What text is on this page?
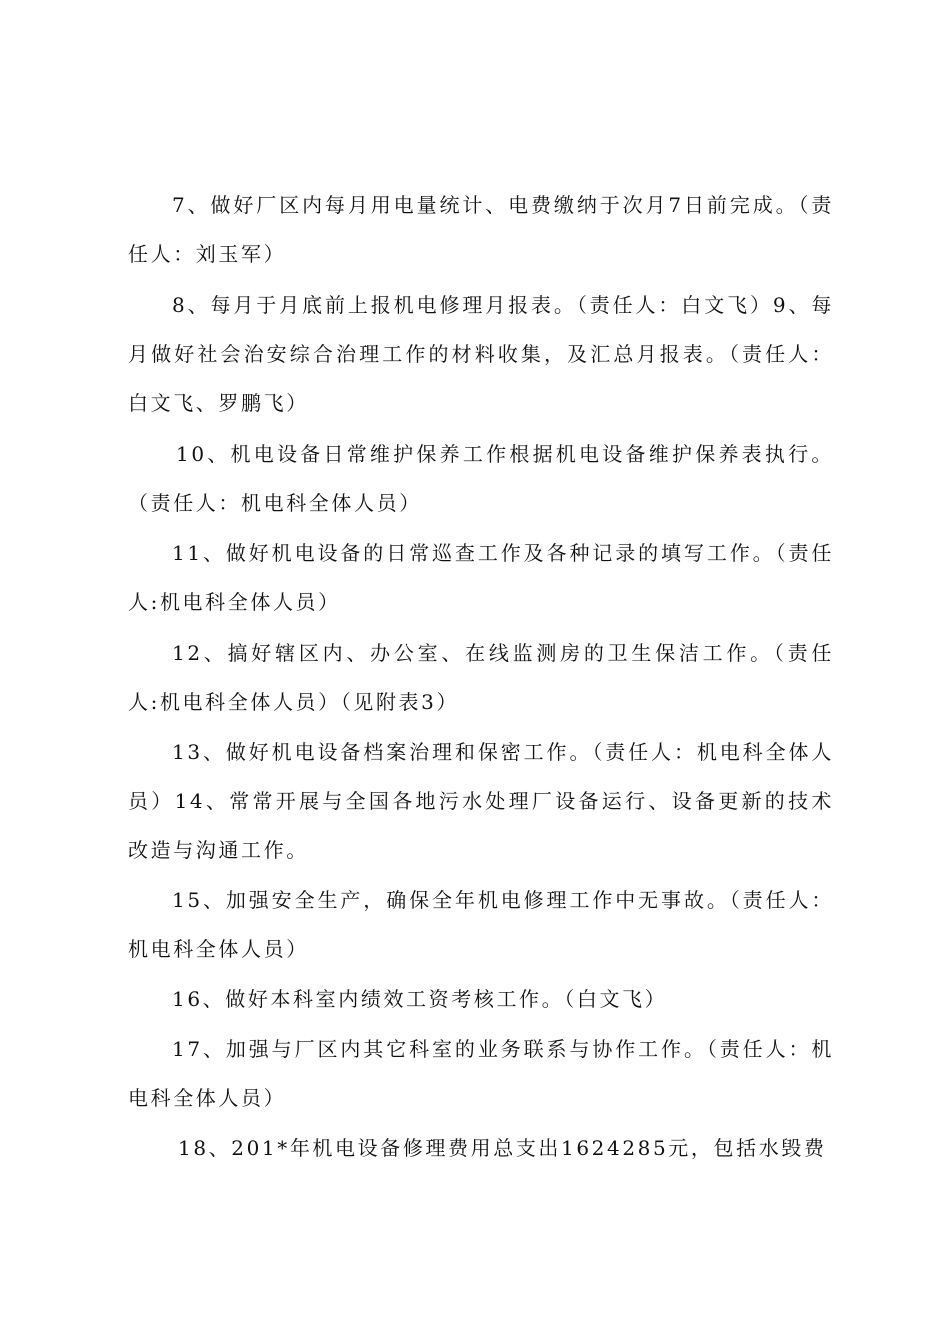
7、做好厂区内每月用电量统计、电费缴纳于次月7日前完成。（责任人：刘玉军）

8、每月于月底前上报机电修理月报表。（责任人：白文飞）9、每月做好社会治安综合治理工作的材料收集，及汇总月报表。（责任人：白文飞、罗鹏飞）

10、机电设备日常维护保养工作根据机电设备维护保养表执行。（责任人：机电科全体人员）

11、做好机电设备的日常巡查工作及各种记录的填写工作。（责任人:机电科全体人员）

12、搞好辖区内、办公室、在线监测房的卫生保洁工作。（责任人:机电科全体人员）（见附表3）

13、做好机电设备档案治理和保密工作。（责任人：机电科全体人员）14、常常开展与全国各地污水处理厂设备运行、设备更新的技术改造与沟通工作。

15、加强安全生产，确保全年机电修理工作中无事故。（责任人：机电科全体人员）

16、做好本科室内绩效工资考核工作。（白文飞）

17、加强与厂区内其它科室的业务联系与协作工作。（责任人：机电科全体人员）

18、201*年机电设备修理费用总支出1624285元，包括水毁费
